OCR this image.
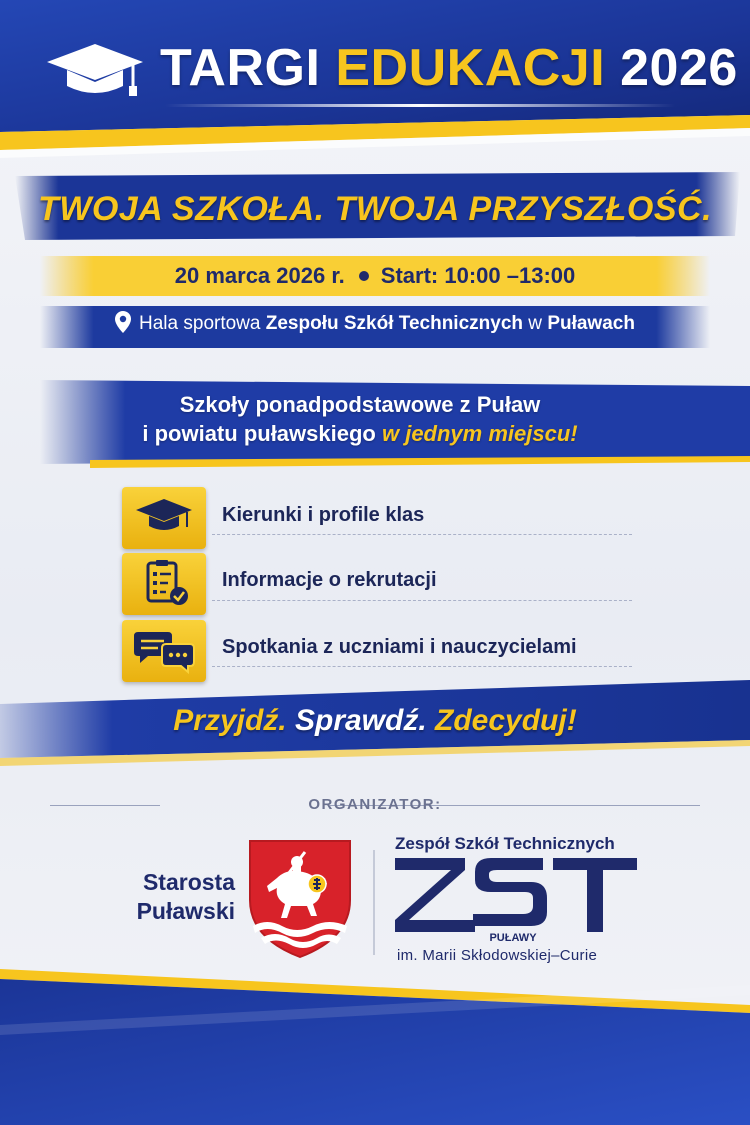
TARGI EDUKACJI 2026
TWOJA SZKOŁA. TWOJA PRZYSZŁOŚĆ.
20 marca 2026 r. Start: 10:00 –13:00
Hala sportowa Zespołu Szkół Technicznych w Puławach
Szkoły ponadpodstawowe z Puław
i powiatu puławskiego w jednym miejscu!
Kierunki i profile klas
Informacje o rekrutacji
Spotkania z uczniami i nauczycielami
Przyjdź. Sprawdź. Zdecyduj!
ORGANIZATOR:
Starosta
Puławski
Zespół Szkół Technicznych
PUŁAWY
im. Marii Skłodowskiej–Curie
